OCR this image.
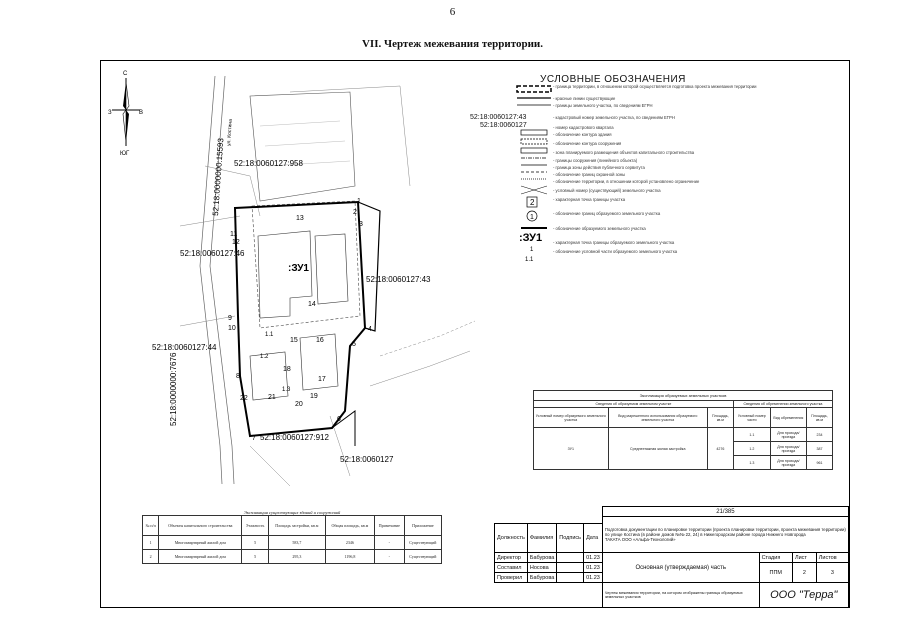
6
VII. Чертеж межевания территории.
С
ЮГ
З	В
1
2
3
4
5
6
7
8
9
10
11
12
13
14
15	16
17
18
19
20
21
22
:ЗУ1
1.1
1.2
1.3
52:18:0060127:958
52:18:0060127:46
52:18:0060127:43
52:18:0060127:44
52:18:0060127:912
52:18:0060127
52:18:0000000:15593
52:18:0000000:7676
ул. Костина
УСЛОВНЫЕ ОБОЗНАЧЕНИЯ
2
1
:ЗУ1
1
1.1
52:18:0060127:43
52:18:0060127
- граница территории, в отношении которой осуществляется подготовка проекта межевания территории
- красные линии существующие
- границы земельного участка, по сведениям ЕГРН
- кадастровый номер земельного участка, по сведениям ЕГРН
- номер кадастрового квартала
- обозначение контура здания
- обозначение контура сооружения
- зона планируемого размещения объектов капитального строительства
- границы сооружения (линейного объекта)
- граница зоны действия публичного сервитута
- обозначение границ охранной зоны
- обозначение территории, в отношении которой установлено ограничение
- условный номер (существующий) земельного участка
- характерная точка границы участка
- обозначение границ образуемого земельного участка
- обозначение образуемого земельного участка
- характерная точка границы образуемого земельного участка
- обозначение условной части образуемого земельного участка
Экспликация образуемых земельных участков
Сведения об образуемом земельном участке			Сведения об обременении земельного участка		
Условный номер образуемого земельного участка	Вид разрешенного использования образуемого земельного участка	Площадь, кв.м	Условный номер части	Вид обременения	Площадь, кв.м
ЗУ1	Среднеэтажная жилая застройка	4276	1.1	Для прохода/проезда	234
			1.2	Для прохода/проезда	387
			1.3	Для прохода/проезда	961
Экспликация существующих зданий и сооружений
№ п/п	Объекты капитального строительства	Этажность	Площадь застройки, кв.м	Общая площадь, кв.м	Примечание	Приложение
1	Многоквартирный жилой дом	5	583,7	2346	-	Существующий
2	Многоквартирный жилой дом	5	295,3	1196,8	-	Существующий
				21/385			
				Подготовка документации по планировке территории (проекта планировки территории, проекта межевания территории) по улице Костина (в районе домов №№ 22, 24) в Нижегородском районе города Нижнего Новгорода
ТАКАТА ООО «Альфа-Технологий»			
Должность	Фамилия	Подпись	Дата				
Директор	Бабурова		01.23	Основная (утверждаемая) часть	Стадия	Лист	Листов
Составил	Носова		01.23		ППМ	2	3
Проверил	Бабурова		01.23				
				Чертеж межевания территории, на котором отображены границы образуемых земельных участков	ООО "Терра"		
